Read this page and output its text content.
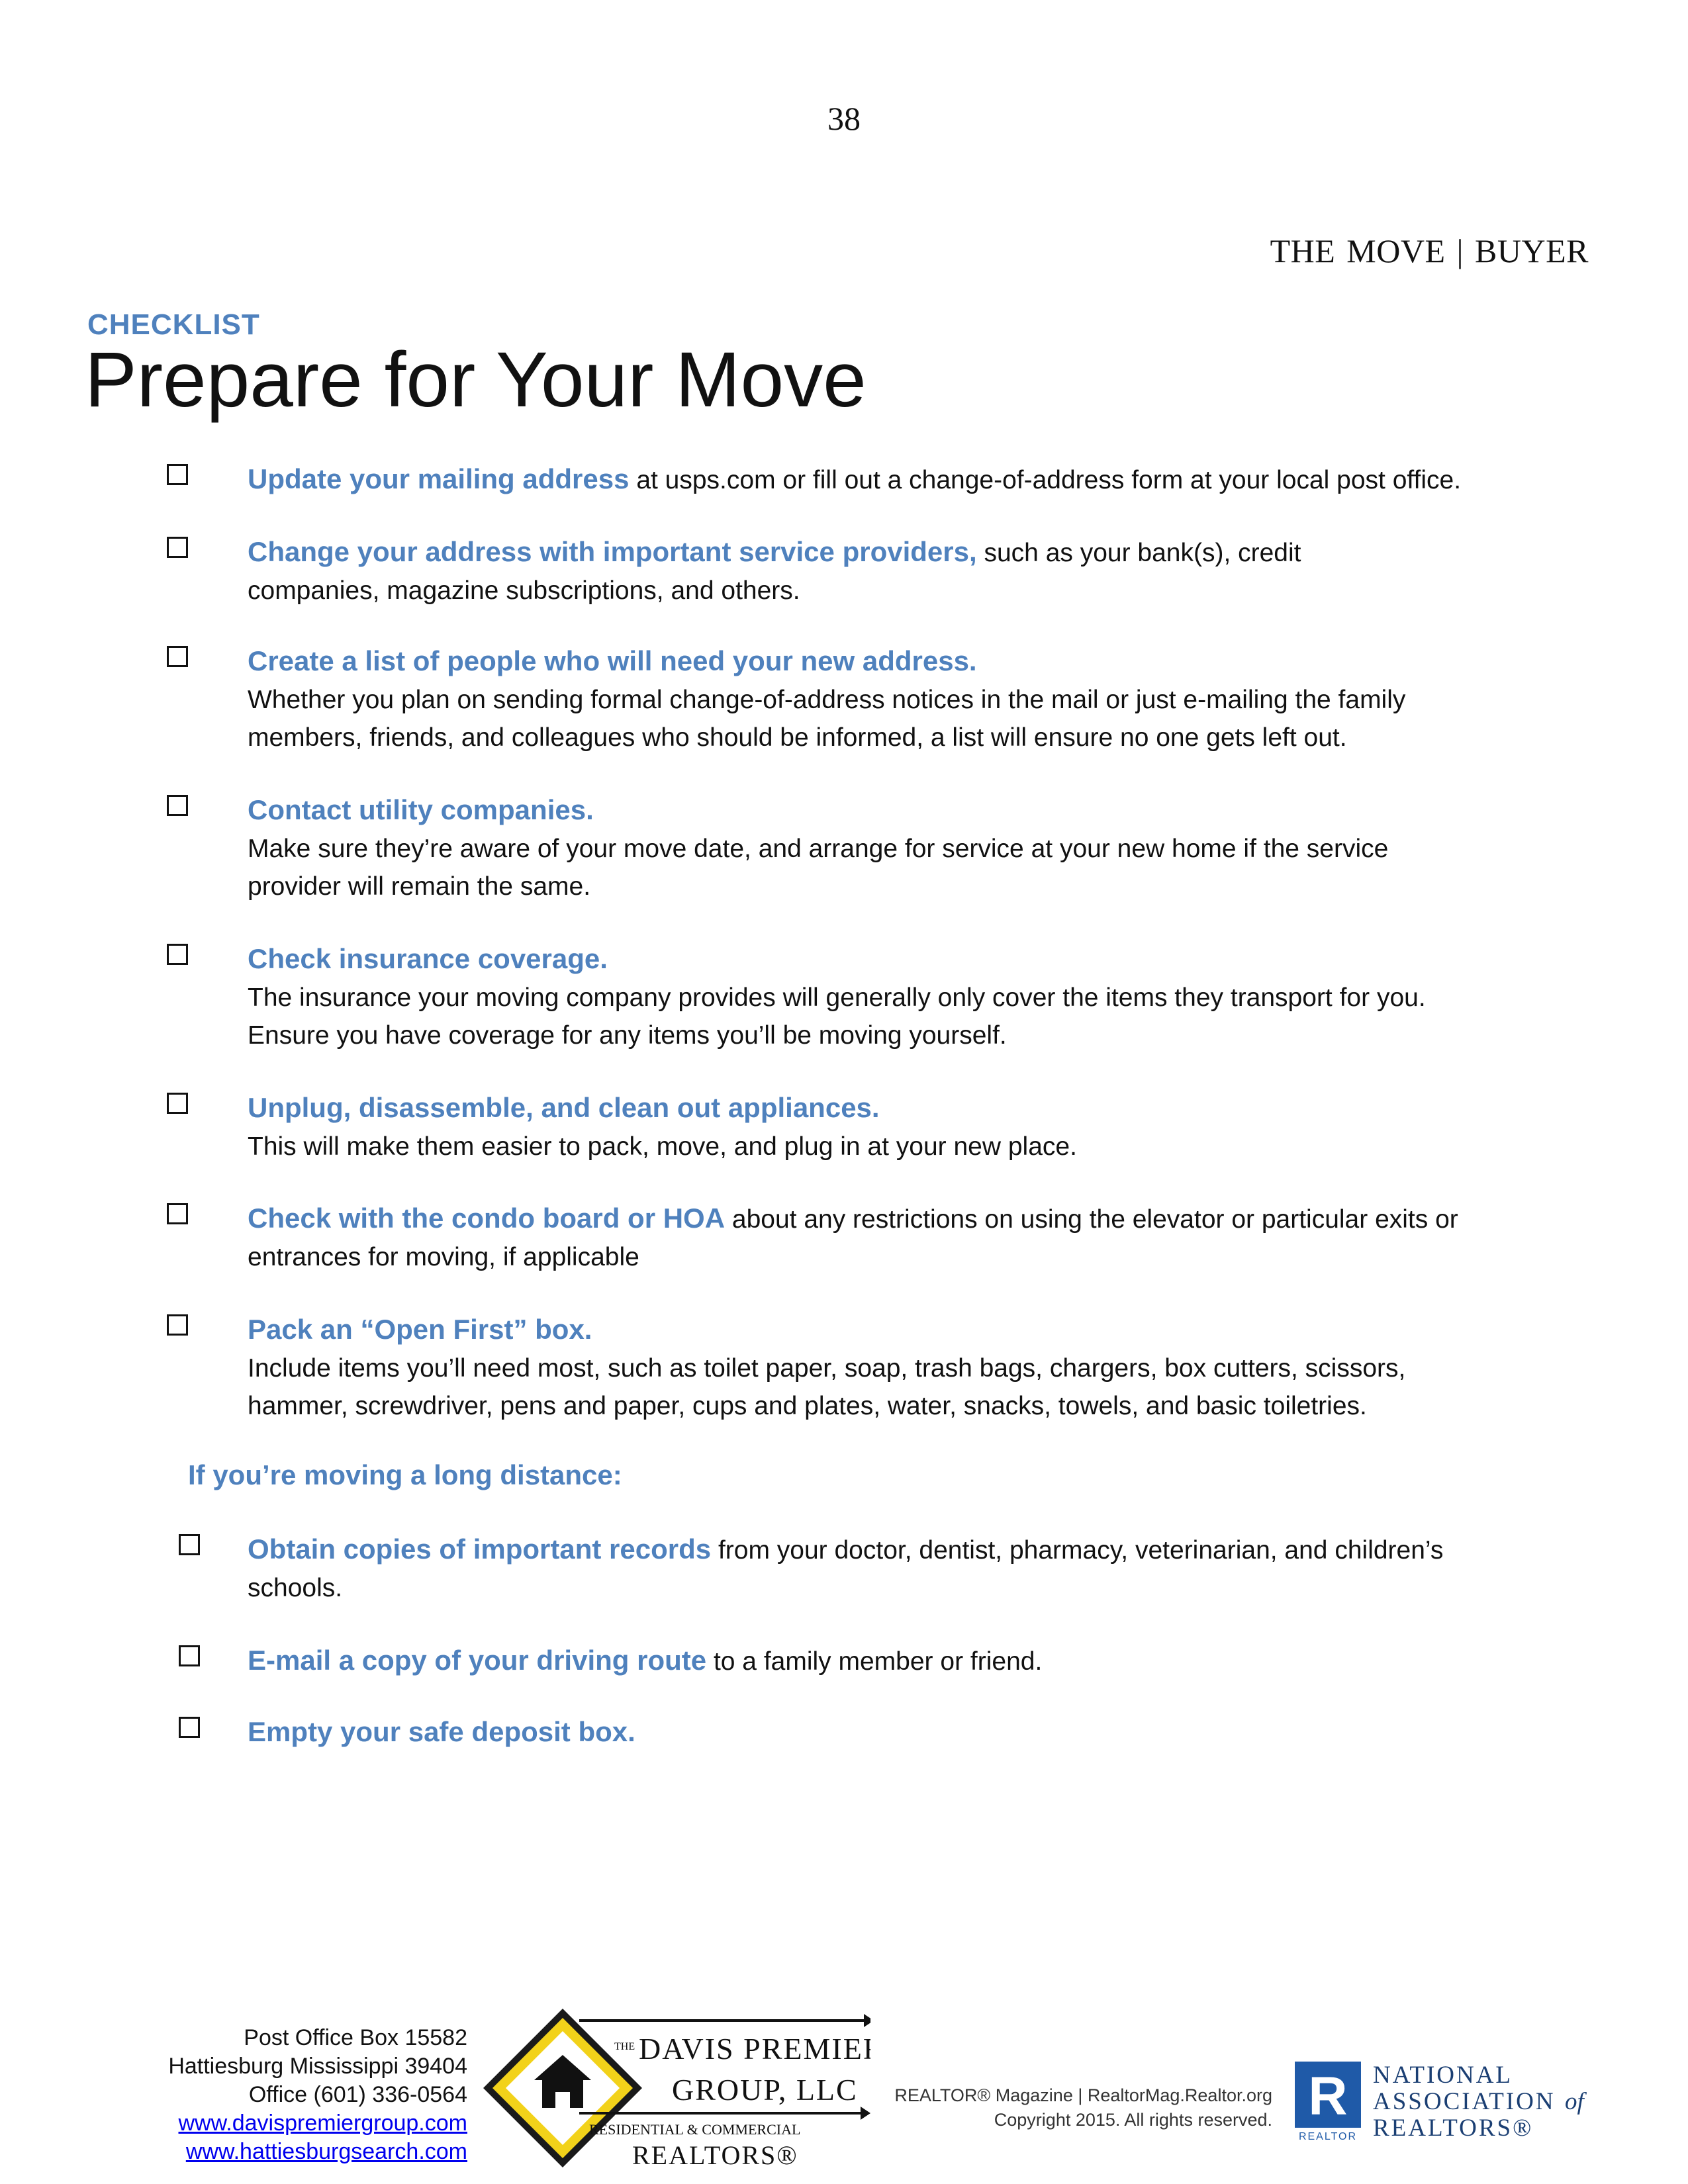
38
THE MOVE | BUYER
CHECKLIST
Prepare for Your Move
Update your mailing address at usps.com or fill out a change-of-address form at your local post office.
Change your address with important service providers, such as your bank(s), credit companies, magazine subscriptions, and others.
Create a list of people who will need your new address.
Whether you plan on sending formal change-of-address notices in the mail or just e-mailing the family members, friends, and colleagues who should be informed, a list will ensure no one gets left out.
Contact utility companies.
Make sure they’re aware of your move date, and arrange for service at your new home if the service provider will remain the same.
Check insurance coverage.
The insurance your moving company provides will generally only cover the items they transport for you. Ensure you have coverage for any items you’ll be moving yourself.
Unplug, disassemble, and clean out appliances.
This will make them easier to pack, move, and plug in at your new place.
Check with the condo board or HOA about any restrictions on using the elevator or particular exits or entrances for moving, if applicable
Pack an “Open First” box.
Include items you’ll need most, such as toilet paper, soap, trash bags, chargers, box cutters, scissors, hammer, screwdriver, pens and paper, cups and plates, water, snacks, towels, and basic toiletries.
If you’re moving a long distance:
Obtain copies of important records from your doctor, dentist, pharmacy, veterinarian, and children’s schools.
E-mail a copy of your driving route to a family member or friend.
Empty your safe deposit box.
Post Office Box 15582
Hattiesburg Mississippi 39404
Office (601) 336-0564
www.davispremiergroup.com
www.hattiesburgsearch.com
THE DAVIS PREMIER
GROUP, LLC
RESIDENTIAL & COMMERCIAL
REALTORS®
REALTOR® Magazine | RealtorMag.Realtor.org
Copyright 2015. All rights reserved. R
REALTOR
NATIONAL
ASSOCIATION of
REALTORS®
